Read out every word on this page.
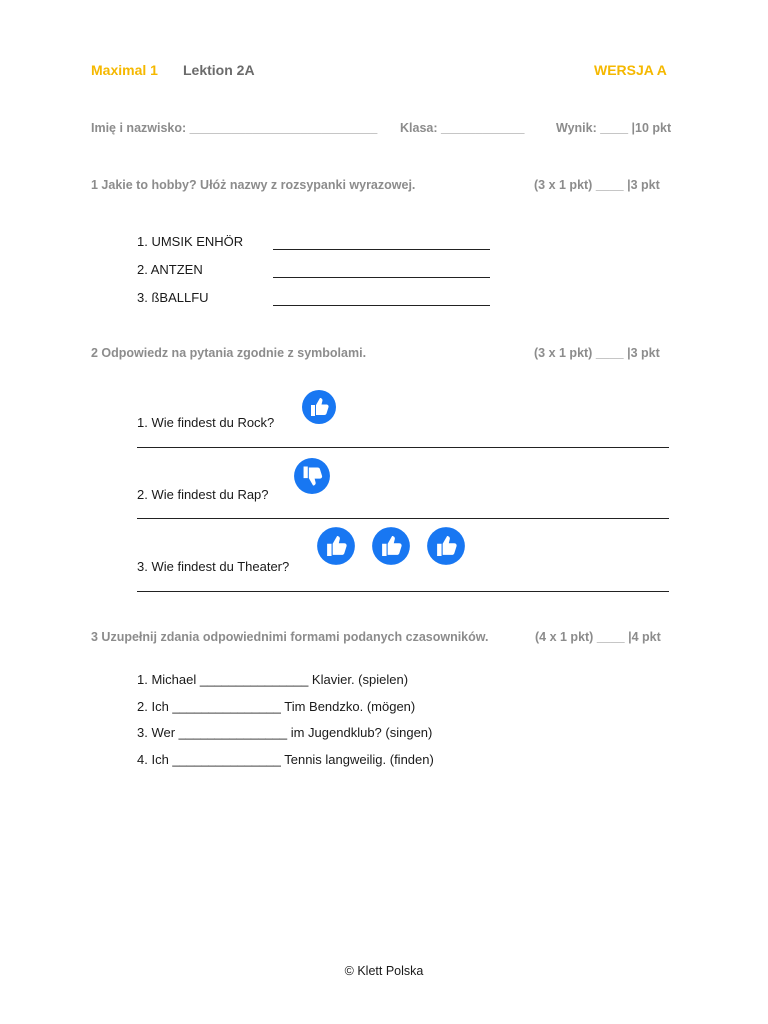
Maximal 1 Lektion 2A	WERSJA A
Imię i nazwisko: ___________________________ Klasa: ____________	Wynik: ____ |10 pkt
1 Jakie to hobby? Ułóż nazwy z rozsypanki wyrazowej.	(3 x 1 pkt) ____ |3 pkt
1. UMSIK ENHÖR
2. ANTZEN
3. ßBALLFU
2 Odpowiedz na pytania zgodnie z symbolami.	(3 x 1 pkt) ____ |3 pkt
1. Wie findest du Rock?
2. Wie findest du Rap?
3. Wie findest du Theater?
3 Uzupełnij zdania odpowiednimi formami podanych czasowników.	(4 x 1 pkt) ____ |4 pkt
1. Michael _______________ Klavier. (spielen)
2. Ich _______________ Tim Bendzko. (mögen)
3. Wer _______________ im Jugendklub? (singen)
4. Ich _______________ Tennis langweilig. (finden)
© Klett Polska
